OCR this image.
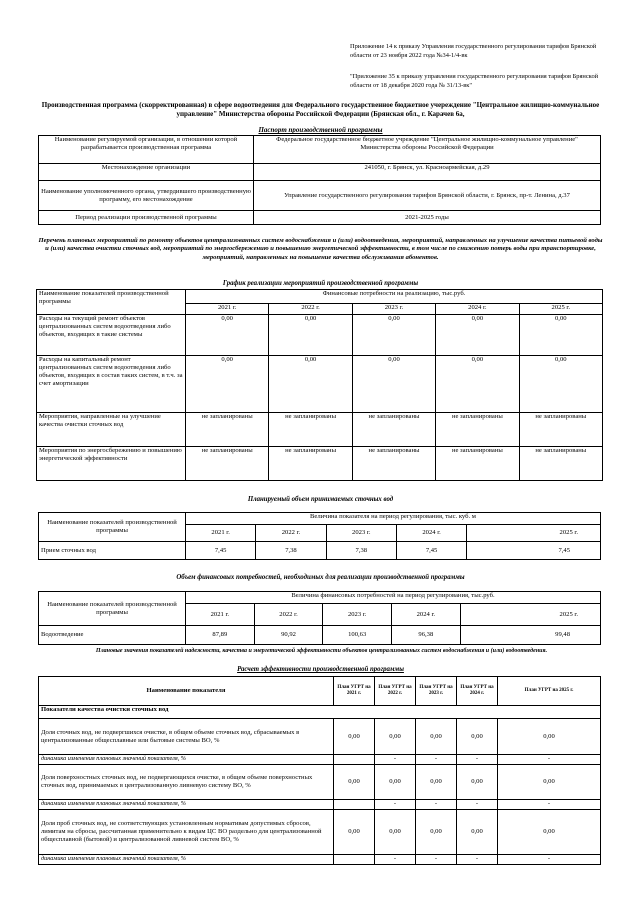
Приложение 14 к приказу Управления государственного регулирования тарифов Брянской области от 23 ноября 2022 года №34-1/4-вк
"Приложение 35 к приказу управления государственного регулирования тарифов Брянской области от 18 декабря 2020 года № 31/13-вк"
Производственная программа (скорректированная) в сфере водоотведения для Федерального государственное бюджетное учереждение "Центральное жилищно-коммунальное управление" Министерства обороны Российской Федерации (Брянская обл., г. Карачев 6а,
Паспорт производственной программы
Наименование регулируемой организации, в отношении которой разрабатывается производственная программа	Федеральное государственное бюджетное учреждение "Центральное жилищно-коммунальное управление" Министерства обороны Российской Федерации
Местонахождение организации	241050, г. Брянск, ул. Красноармейская, д.29
Наименование уполномоченного органа, утвердившего производственную программу, его местонахождение	Управление государственного регулирования тарифов Брянской области, г. Брянск, пр-т. Ленина, д.37
Период реализации производственной программы	2021-2025 годы
Перечень плановых мероприятий по ремонту объектов централизованных систем водоснабжения и (или) водоотведения, мероприятий, направленных на улучшение качества питьевой воды и (или) качества очистки сточных вод, мероприятий по энергосбережению и повышению энергетической эффективности, в том числе по снижению потерь воды при транспортировке, мероприятий, направленных на повышение качества обслуживания абонентов.
График реализации мероприятий производственной программы
Наименование показателей производственной программы	Финансовые потребности на реализацию, тыс.руб.				
	2021 г.	2022 г.	2023 г.	2024 г.	2025 г.
Расходы на текущий ремонт объектов централизованных систем водоотведения либо объектов, входящих в такие системы	0,00	0,00	0,00	0,00	0,00
Расходы на капитальный ремонт централизованных систем водоотведения либо объектов, входящих в состав таких систем, в т.ч. за счет амортизации	0,00	0,00	0,00	0,00	0,00
Мероприятия, направленные на улучшение качества очистки сточных вод	не запланированы	не запланированы	не запланированы	не запланированы	не запланированы
Мероприятия по энергосбережению и повышению энергетической эффективности	не запланированы	не запланированы	не запланированы	не запланированы	не запланированы
Планируемый объем принимаемых сточных вод
Наименование показателей производственной программы	Величина показателя на период регулирования, тыс. куб. м				
	2021 г.	2022 г.	2023 г.	2024 г.	2025 г.
Прием сточных вод	7,45	7,38	7,38	7,45	7,45
Объем финансовых потребностей, необходимых для реализации производственной программы
Наименование показателей производственной программы	Величина финансовых потребностей на период регулирования, тыс.руб.				
	2021 г.	2022 г.	2023 г.	2024 г.	2025 г.
Водоотведение	87,89	90,92	100,63	96,38	99,48
Плановые значения показателей надежности, качества и энергетической эффективности объектов централизованных систем водоснабжения и (или) водоотведения.
Расчет эффективности производственной программы
Наименование показателя	План УГРТ на 2021 г.	План УГРТ на 2022 г.	План УГРТ на 2023 г.	План УГРТ на 2024 г.	План УГРТ на 2025 г.
Показатели качества очистки сточных вод					
Доля сточных вод, не подвергшихся очистке, в общем объеме сточных вод, сбрасываемых в централизованные общесплавные или бытовые системы ВО, %	0,00	0,00	0,00	0,00	0,00
динамика изменения плановых значений показателя, %		-	-	-	-
Доля поверхностных сточных вод, не подвергающихся очистке, в общем объеме поверхностных сточных вод, принимаемых в централизованную ливневую систему ВО, %	0,00	0,00	0,00	0,00	0,00
динамика изменения плановых значений показателя, %		-	-	-	-
Доля проб сточных вод, не соответствующих установленным нормативам допустимых сбросов, лимитам на сбросы, рассчитанная применительно к видам ЦС ВО раздельно для централизованной общесплавной (бытовой) и централизованной ливневой систем ВО, %	0,00	0,00	0,00	0,00	0,00
динамика изменения плановых значений показателя, %		-	-	-	-
